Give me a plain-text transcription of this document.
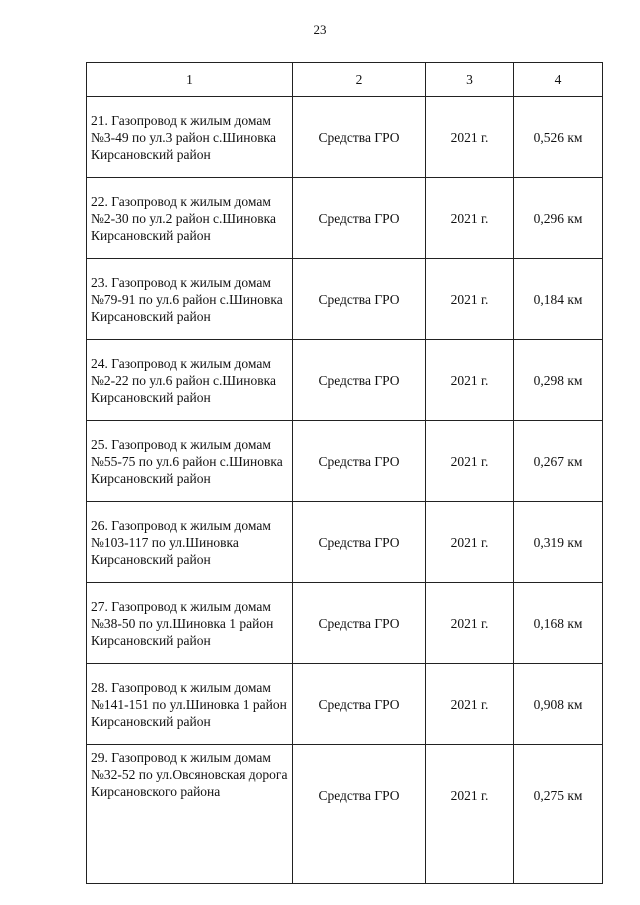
23
1	2	3	4
21. Газопровод к жилым домам №3-49 по ул.3 район с.Шиновка Кирсановский район	Средства ГРО	2021 г.	0,526 км
22. Газопровод к жилым домам №2-30 по ул.2 район с.Шиновка Кирсановский район	Средства ГРО	2021 г.	0,296 км
23. Газопровод к жилым домам №79-91 по ул.6 район с.Шиновка Кирсановский район	Средства ГРО	2021 г.	0,184 км
24. Газопровод к жилым домам №2-22 по ул.6 район с.Шиновка Кирсановский район	Средства ГРО	2021 г.	0,298 км
25. Газопровод к жилым домам №55-75 по ул.6 район с.Шиновка Кирсановский район	Средства ГРО	2021 г.	0,267 км
26. Газопровод к жилым домам №103-117 по ул.Шиновка Кирсановский район	Средства ГРО	2021 г.	0,319 км
27. Газопровод к жилым домам №38-50 по ул.Шиновка 1 район Кирсановский район	Средства ГРО	2021 г.	0,168 км
28. Газопровод к жилым домам №141-151 по ул.Шиновка 1 район Кирсановский район	Средства ГРО	2021 г.	0,908 км
29. Газопровод к жилым домам №32-52 по ул.Овсяновская дорога Кирсановского района	Средства ГРО	2021 г.	0,275 км
